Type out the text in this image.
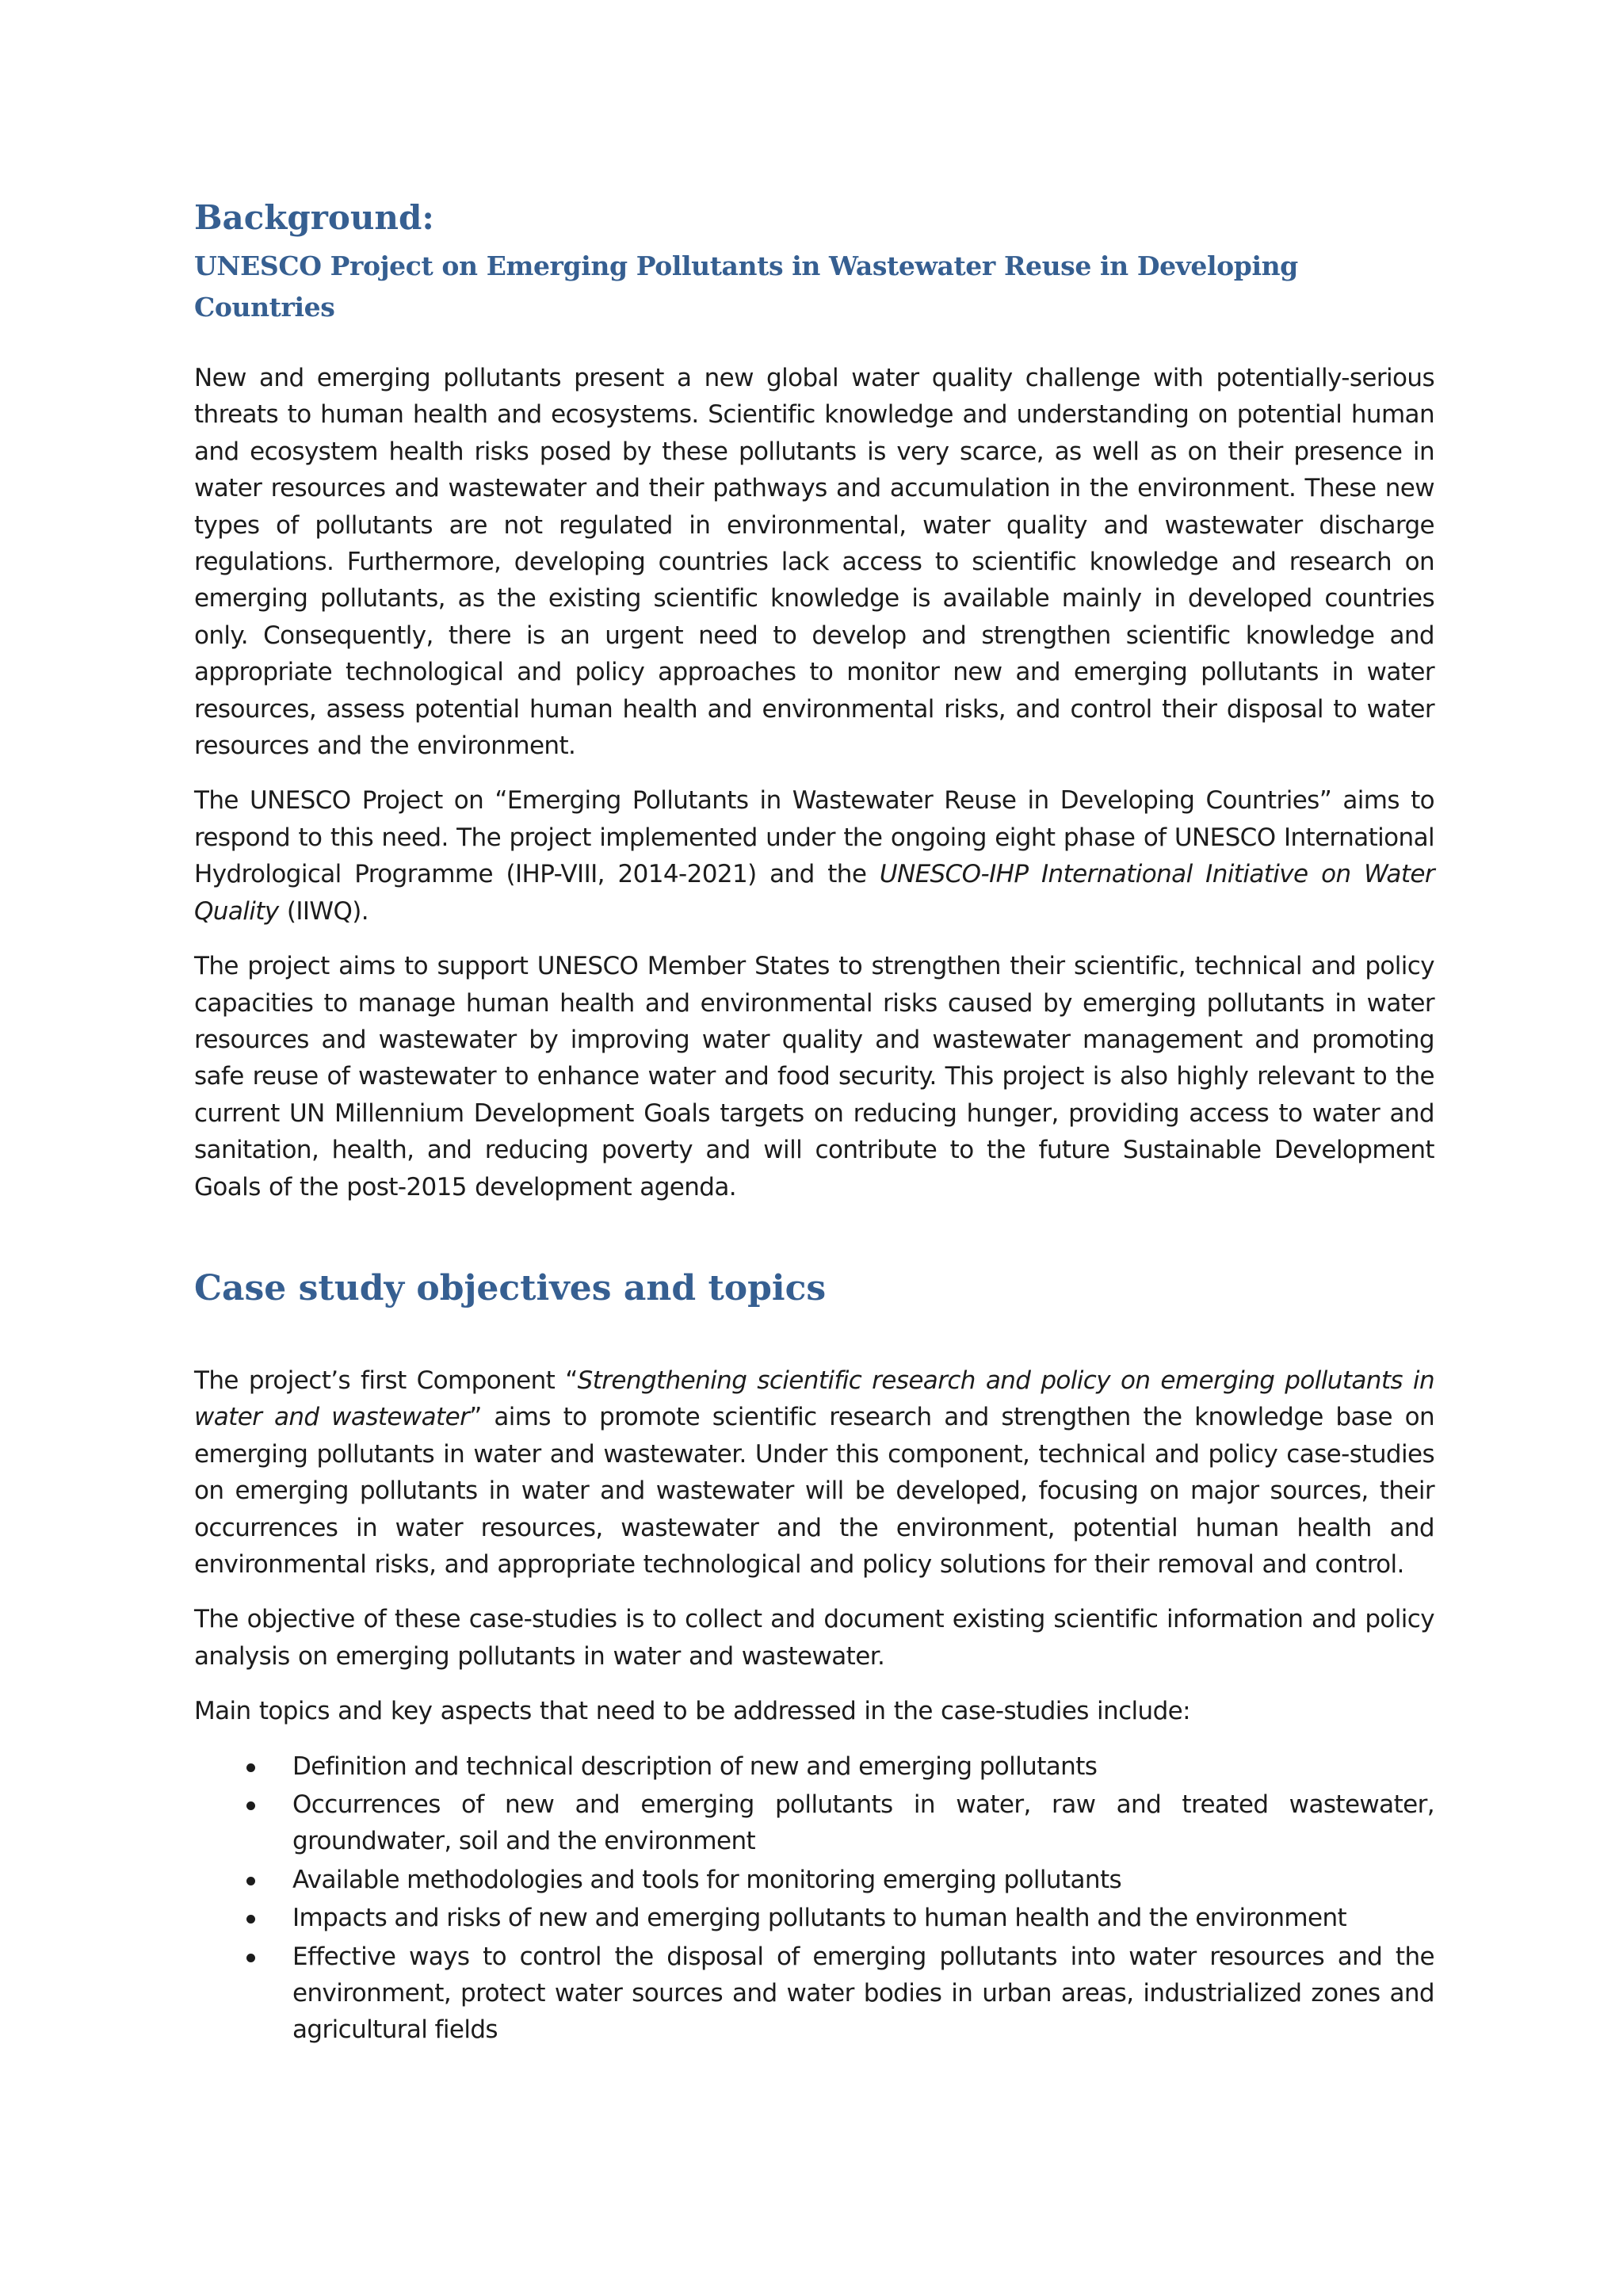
Background:
UNESCO Project on Emerging Pollutants in Wastewater Reuse in Developing Countries

New and emerging pollutants present a new global water quality challenge with potentially-serious threats to human health and ecosystems. Scientific knowledge and understanding on potential human and ecosystem health risks posed by these pollutants is very scarce, as well as on their presence in water resources and wastewater and their pathways and accumulation in the environment. These new types of pollutants are not regulated in environmental, water quality and wastewater discharge regulations. Furthermore, developing countries lack access to scientific knowledge and research on emerging pollutants, as the existing scientific knowledge is available mainly in developed countries only. Consequently, there is an urgent need to develop and strengthen scientific knowledge and appropriate technological and policy approaches to monitor new and emerging pollutants in water resources, assess potential human health and environmental risks, and control their disposal to water resources and the environment.

The UNESCO Project on “Emerging Pollutants in Wastewater Reuse in Developing Countries” aims to respond to this need. The project implemented under the ongoing eight phase of UNESCO International Hydrological Programme (IHP-VIII, 2014-2021) and the UNESCO-IHP International Initiative on Water Quality (IIWQ).

The project aims to support UNESCO Member States to strengthen their scientific, technical and policy capacities to manage human health and environmental risks caused by emerging pollutants in water resources and wastewater by improving water quality and wastewater management and promoting safe reuse of wastewater to enhance water and food security. This project is also highly relevant to the current UN Millennium Development Goals targets on reducing hunger, providing access to water and sanitation, health, and reducing poverty and will contribute to the future Sustainable Development Goals of the post-2015 development agenda.

Case study objectives and topics

The project’s first Component “Strengthening scientific research and policy on emerging pollutants in water and wastewater” aims to promote scientific research and strengthen the knowledge base on emerging pollutants in water and wastewater. Under this component, technical and policy case-studies on emerging pollutants in water and wastewater will be developed, focusing on major sources, their occurrences in water resources, wastewater and the environment, potential human health and environmental risks, and appropriate technological and policy solutions for their removal and control.

The objective of these case-studies is to collect and document existing scientific information and policy analysis on emerging pollutants in water and wastewater.

Main topics and key aspects that need to be addressed in the case-studies include:

Definition and technical description of new and emerging pollutants
Occurrences of new and emerging pollutants in water, raw and treated wastewater, groundwater, soil and the environment
Available methodologies and tools for monitoring emerging pollutants
Impacts and risks of new and emerging pollutants to human health and the environment
Effective ways to control the disposal of emerging pollutants into water resources and the environment, protect water sources and water bodies in urban areas, industrialized zones and agricultural fields
